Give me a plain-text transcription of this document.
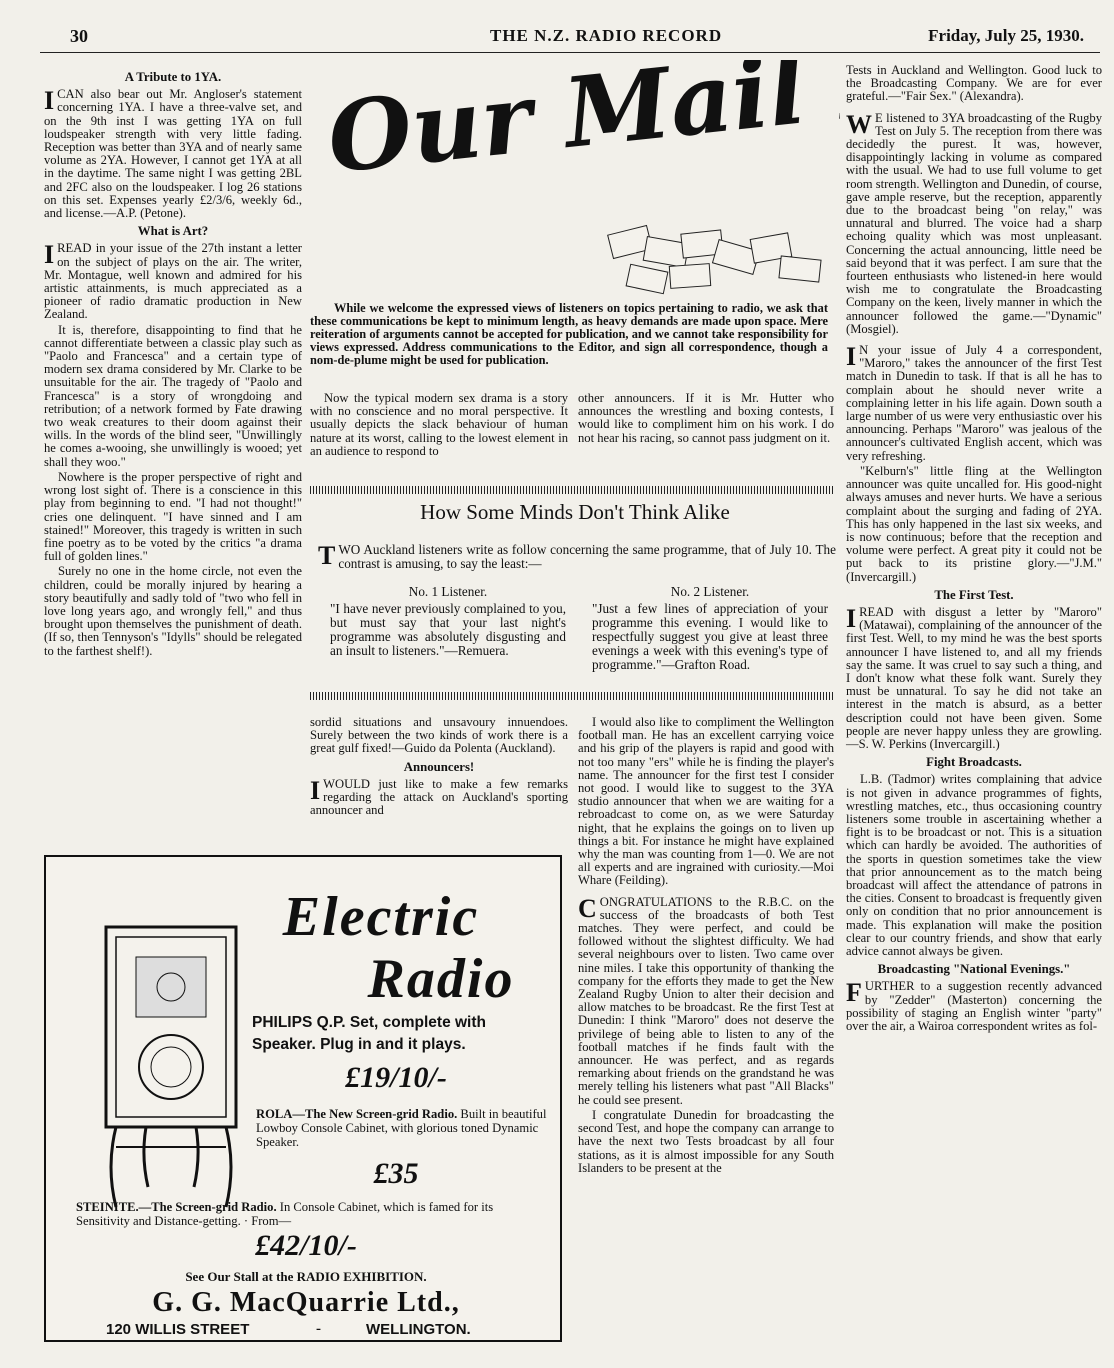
30	THE N.Z. RADIO RECORD	Friday, July 25, 1930.
A Tribute to 1YA.

ICAN also bear out Mr. Angloser's statement concerning 1YA. I have a three-valve set, and on the 9th inst I was getting 1YA on full loudspeaker strength with very little fading. Reception was better than 3YA and of nearly same volume as 2YA. However, I cannot get 1YA at all in the daytime. The same night I was getting 2BL and 2FC also on the loudspeaker. I log 26 stations on this set. Expenses yearly £2/3/6, weekly 6d., and license.—A.P. (Petone).

What is Art?

IREAD in your issue of the 27th instant a letter on the subject of plays on the air. The writer, Mr. Montague, well known and admired for his artistic attainments, is much appreciated as a pioneer of radio dramatic production in New Zealand.

It is, therefore, disappointing to find that he cannot differentiate between a classic play such as "Paolo and Francesca" and a certain type of modern sex drama considered by Mr. Clarke to be unsuitable for the air. The tragedy of "Paolo and Francesca" is a story of wrongdoing and retribution; of a network formed by Fate drawing two weak creatures to their doom against their wills. In the words of the blind seer, "Unwillingly he comes a-wooing, she unwillingly is wooed; yet shall they woo."

Nowhere is the proper perspective of right and wrong lost sight of. There is a conscience in this play from beginning to end. "I had not thought!" cries one delinquent. "I have sinned and I am stained!" Moreover, this tragedy is written in such fine poetry as to be voted by the critics "a drama full of golden lines."

Surely no one in the home circle, not even the children, could be morally injured by hearing a story beautifully and sadly told of "two who fell in love long years ago, and wrongly fell," and thus brought upon themselves the punishment of death. (If so, then Tennyson's "Idylls" should be relegated to the farthest shelf!).

Our Mail Bag
While we welcome the expressed views of listeners on topics pertaining to radio, we ask that these communications be kept to minimum length, as heavy demands are made upon space. Mere reiteration of arguments cannot be accepted for publication, and we cannot take responsibility for views expressed. Address communications to the Editor, and sign all correspondence, though a nom-de-plume might be used for publication.

Now the typical modern sex drama is a story with no conscience and no moral perspective. It usually depicts the slack behaviour of human nature at its worst, calling to the lowest element in an audience to respond to

other announcers. If it is Mr. Hutter who announces the wrestling and boxing contests, I would like to compliment him on his work. I do not hear his racing, so cannot pass judgment on it.

How Some Minds Don't Think Alike
TWO Auckland listeners write as follow concerning the same programme, that of July 10. The contrast is amusing, to say the least:—
No. 1 Listener.
"I have never previously complained to you, but must say that your last night's programme was absolutely disgusting and an insult to listeners."—Remuera.
No. 2 Listener.
"Just a few lines of appreciation of your programme this evening. I would like to respectfully suggest you give at least three evenings a week with this evening's type of programme."—Grafton Road.

sordid situations and unsavoury innuendoes. Surely between the two kinds of work there is a great gulf fixed!—Guido da Polenta (Auckland).

Announcers!

IWOULD just like to make a few remarks regarding the attack on Auckland's sporting announcer and

I would also like to compliment the Wellington football man. He has an excellent carrying voice and his grip of the players is rapid and good with not too many "ers" while he is finding the player's name. The announcer for the first test I consider not good. I would like to suggest to the 3YA studio announcer that when we are waiting for a rebroadcast to come on, as we were Saturday night, that he explains the goings on to liven up things a bit. For instance he might have explained why the man was counting from 1—0. We are not all experts and are ingrained with curiosity.—Moi Whare (Feilding).

CONGRATULATIONS to the R.B.C. on the success of the broadcasts of both Test matches. They were perfect, and could be followed without the slightest difficulty. We had several neighbours over to listen. Two came over nine miles. I take this opportunity of thanking the company for the efforts they made to get the New Zealand Rugby Union to alter their decision and allow matches to be broadcast. Re the first Test at Dunedin: I think "Maroro" does not deserve the privilege of being able to listen to any of the football matches if he finds fault with the announcer. He was perfect, and as regards remarking about friends on the grandstand he was merely telling his listeners what past "All Blacks" he could see present.

I congratulate Dunedin for broadcasting the second Test, and hope the company can arrange to have the next two Tests broadcast by all four stations, as it is almost impossible for any South Islanders to be present at the

Tests in Auckland and Wellington. Good luck to the Broadcasting Company. We are for ever grateful.—"Fair Sex." (Alexandra).

W E listened to 3YA broadcasting of the Rugby Test on July 5. The reception from there was decidedly the purest. It was, however, disappointingly lacking in volume as compared with the usual. We had to use full volume to get room strength. Wellington and Dunedin, of course, gave ample reserve, but the reception, apparently due to the broadcast being "on relay," was unnatural and blurred. The voice had a sharp echoing quality which was most unpleasant. Concerning the actual announcing, little need be said beyond that it was perfect. I am sure that the fourteen enthusiasts who listened-in here would wish me to congratulate the Broadcasting Company on the keen, lively manner in which the announcer followed the game.—"Dynamic" (Mosgiel).

I N your issue of July 4 a correspondent, "Maroro," takes the announcer of the first Test match in Dunedin to task. If that is all he has to complain about he should never write a complaining letter in his life again. Down south a large number of us were very enthusiastic over his announcing. Perhaps "Maroro" was jealous of the announcer's cultivated English accent, which was very refreshing.

"Kelburn's" little fling at the Wellington announcer was quite uncalled for. His good-night always amuses and never hurts. We have a serious complaint about the surging and fading of 2YA. This has only happened in the last six weeks, and is now continuous; before that the reception and volume were perfect. A great pity it could not be put back to its pristine glory.—"J.M." (Invercargill.)

The First Test.

IREAD with disgust a letter by "Maroro" (Matawai), complaining of the announcer of the first Test. Well, to my mind he was the best sports announcer I have listened to, and all my friends say the same. It was cruel to say such a thing, and I don't know what these folk want. Surely they must be unnatural. To say he did not take an interest in the match is absurd, as a better description could not have been given. Some people are never happy unless they are growling.—S. W. Perkins (Invercargill.)

Fight Broadcasts.

L.B. (Tadmor) writes complaining that advice is not given in advance programmes of fights, wrestling matches, etc., thus occasioning country listeners some trouble in ascertaining whether a fight is to be broadcast or not. This is a situation which can hardly be avoided. The authorities of the sports in question sometimes take the view that prior announcement as to the match being broadcast will affect the attendance of patrons in the cities. Consent to broadcast is frequently given only on condition that no prior announcement is made. This explanation will make the position clear to our country friends, and show that early advice cannot always be given.

Broadcasting "National Evenings."

FURTHER to a suggestion recently advanced by "Zedder" (Masterton) concerning the possibility of staging an English winter "party" over the air, a Wairoa correspondent writes as fol-

Electric
Radio
PHILIPS Q.P. Set, complete with Speaker. Plug in and it plays.
£19/10/-
ROLA—The New Screen-grid Radio. Built in beautiful Lowboy Console Cabinet, with glorious toned Dynamic Speaker.
£35
STEINITE.—The Screen-grid Radio. In Console Cabinet, which is famed for its Sensitivity and Distance-getting. · From—
£42/10/-
See Our Stall at the RADIO EXHIBITION.
G. G. MacQuarrie Ltd.,
120 WILLIS STREET	-	WELLINGTON.
